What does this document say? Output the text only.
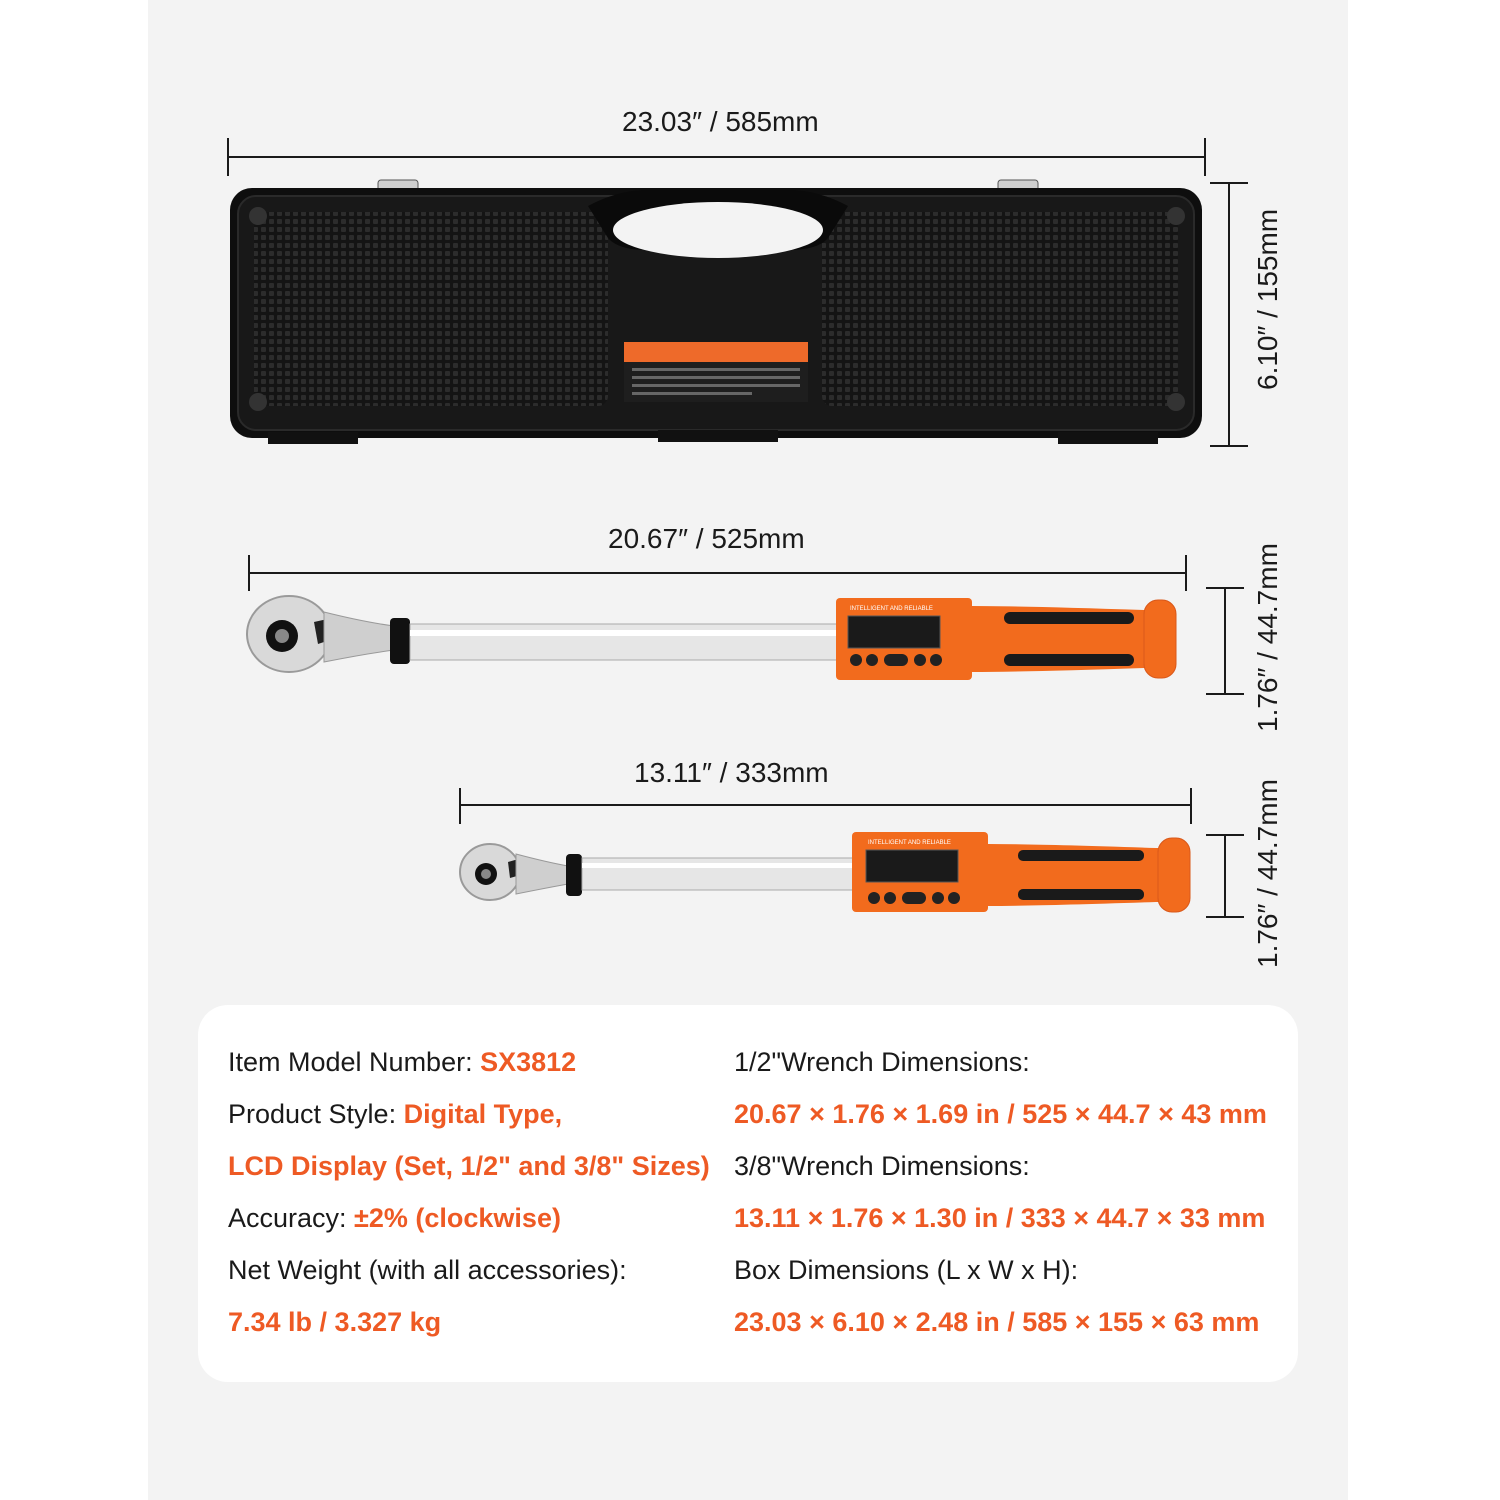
23.03″ / 585mm
6.10″ / 155mm
20.67″ / 525mm
INTELLIGENT AND RELIABLE	1.76″ / 44.7mm
13.11″ / 333mm
INTELLIGENT AND RELIABLE	1.76″ / 44.7mm
Item Model Number: SX3812
Product Style: Digital Type,
LCD Display (Set, 1/2" and 3/8" Sizes)
Accuracy: ±2% (clockwise)
Net Weight (with all accessories):
7.34 lb / 3.327 kg
1/2"Wrench Dimensions:
20.67 × 1.76 × 1.69 in / 525 × 44.7 × 43 mm
3/8"Wrench Dimensions:
13.11 × 1.76 × 1.30 in / 333 × 44.7 × 33 mm
Box Dimensions (L x W x H):
23.03 × 6.10 × 2.48 in / 585 × 155 × 63 mm
